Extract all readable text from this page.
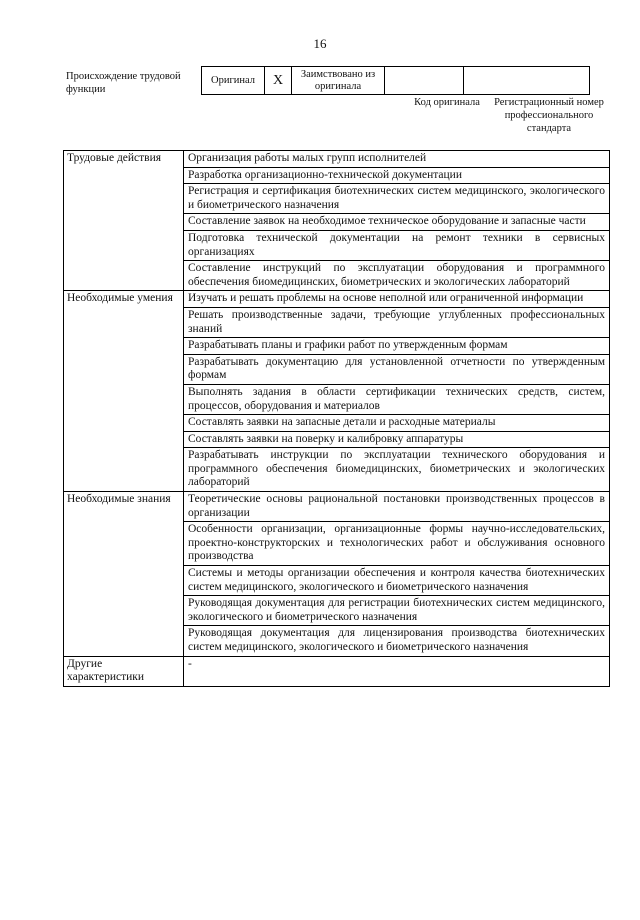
16
Происхождение трудовой функции
Оригинал	X	Заимствовано из оригинала		
Код оригинала	Регистрационный номер профессионального стандарта
Трудовые действия	Организация работы малых групп исполнителей
	Разработка организационно-технической документации
	Регистрация и сертификация биотехнических систем медицинского, экологического и биометрического назначения
	Составление заявок на необходимое техническое оборудование и запасные части
	Подготовка технической документации на ремонт техники в сервисных организациях
	Составление инструкций по эксплуатации оборудования и программного обеспечения биомедицинских, биометрических и экологических лабораторий
Необходимые умения	Изучать и решать проблемы на основе неполной или ограниченной информации
	Решать производственные задачи, требующие углубленных профессиональных знаний
	Разрабатывать планы и графики работ по утвержденным формам
	Разрабатывать документацию для установленной отчетности по утвержденным формам
	Выполнять задания в области сертификации технических средств, систем, процессов, оборудования и материалов
	Составлять заявки на запасные детали и расходные материалы
	Составлять заявки на поверку и калибровку аппаратуры
	Разрабатывать инструкции по эксплуатации технического оборудования и программного обеспечения биомедицинских, биометрических и экологических лабораторий
Необходимые знания	Теоретические основы рациональной постановки производственных процессов в организации
	Особенности организации, организационные формы научно-исследовательских, проектно-конструкторских и технологических работ и обслуживания основного производства
	Системы и методы организации обеспечения и контроля качества биотехнических систем медицинского, экологического и биометрического назначения
	Руководящая документация для регистрации биотехнических систем медицинского, экологического и биометрического назначения
	Руководящая документация для лицензирования производства биотехнических систем медицинского, экологического и биометрического назначения
Другие характеристики	-
